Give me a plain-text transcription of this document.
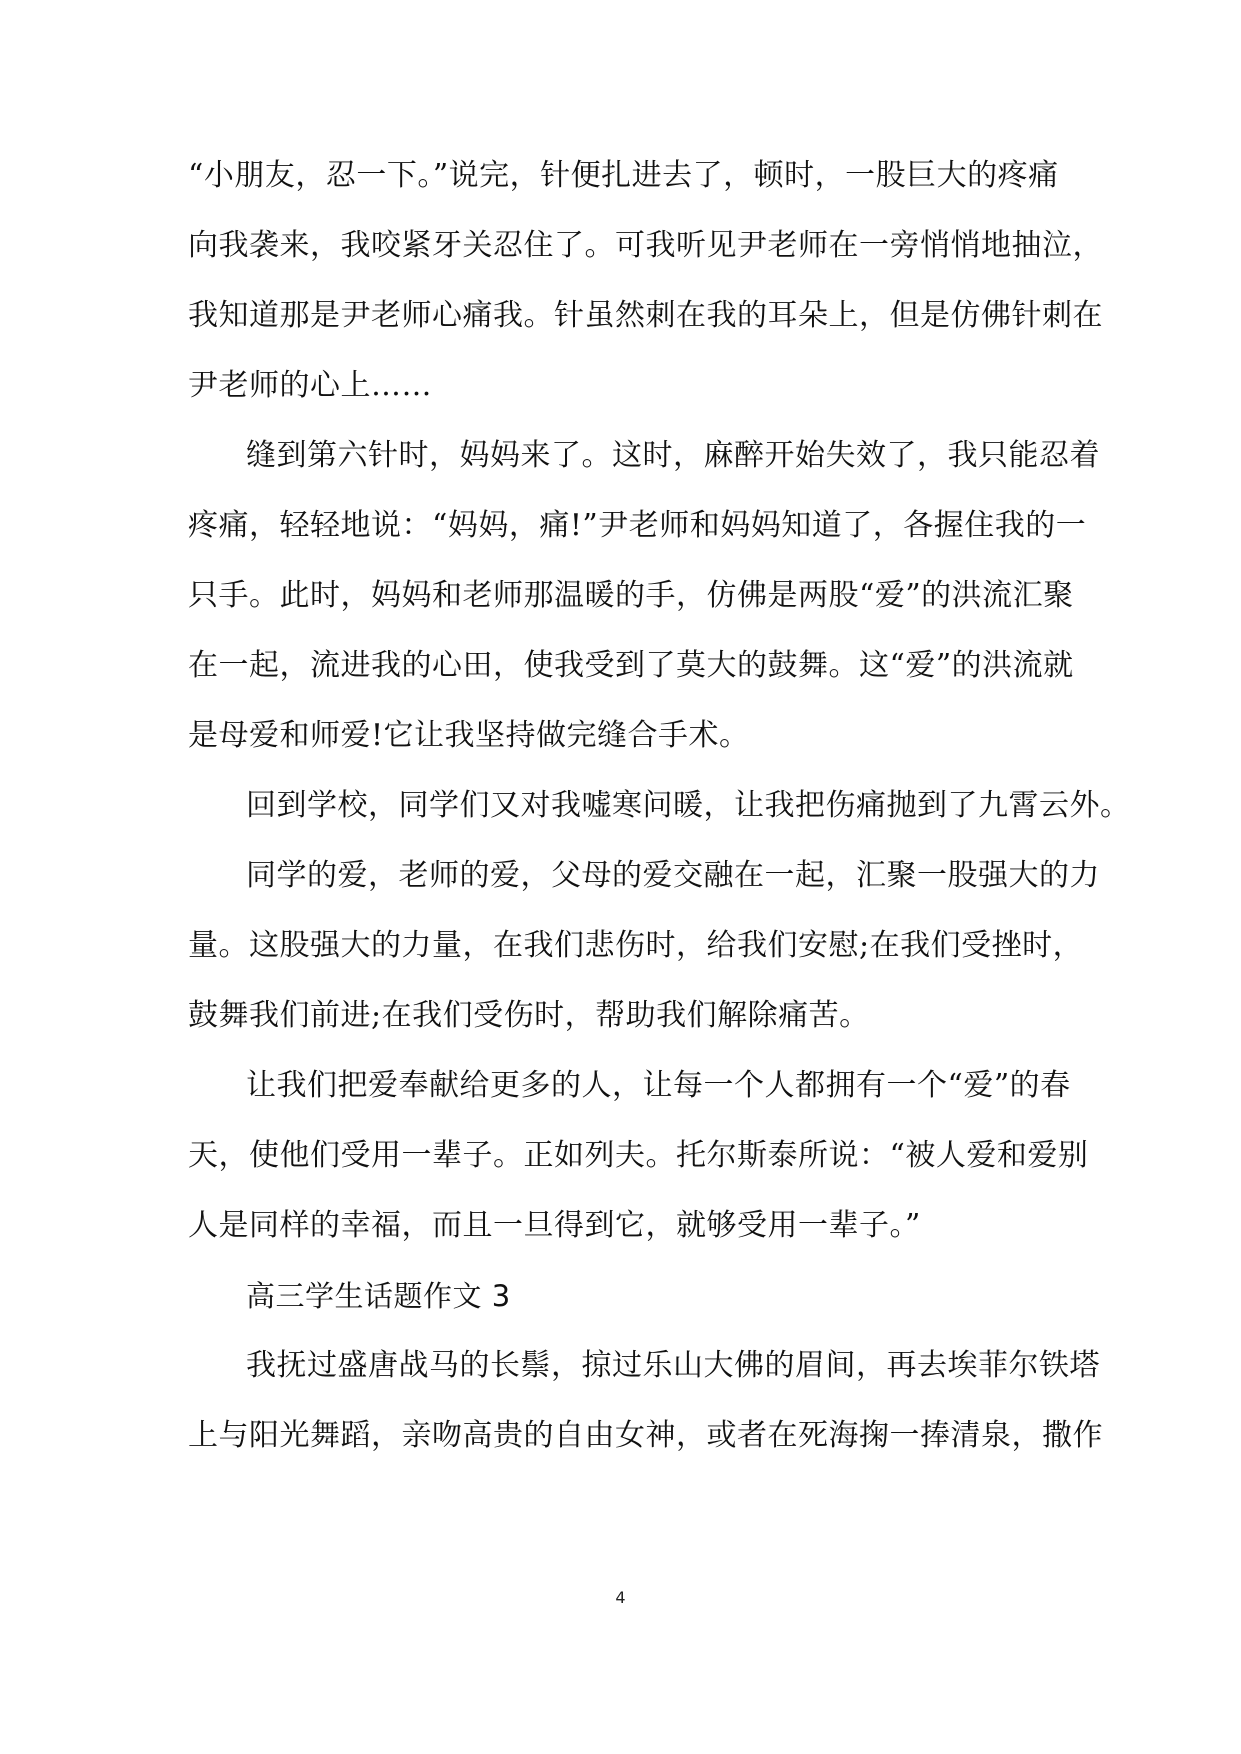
“小朋友，忍一下。”说完，针便扎进去了，顿时，一股巨大的疼痛
向我袭来，我咬紧牙关忍住了。可我听见尹老师在一旁悄悄地抽泣，
我知道那是尹老师心痛我。针虽然刺在我的耳朵上，但是仿佛针刺在
尹老师的心上……
缝到第六针时，妈妈来了。这时，麻醉开始失效了，我只能忍着
疼痛，轻轻地说：“妈妈，痛!”尹老师和妈妈知道了，各握住我的一
只手。此时，妈妈和老师那温暖的手，仿佛是两股“爱”的洪流汇聚
在一起，流进我的心田，使我受到了莫大的鼓舞。这“爱”的洪流就
是母爱和师爱!它让我坚持做完缝合手术。
回到学校，同学们又对我嘘寒问暖，让我把伤痛抛到了九霄云外。
同学的爱，老师的爱，父母的爱交融在一起，汇聚一股强大的力
量。这股强大的力量，在我们悲伤时，给我们安慰;在我们受挫时，
鼓舞我们前进;在我们受伤时，帮助我们解除痛苦。
让我们把爱奉献给更多的人，让每一个人都拥有一个“爱”的春
天，使他们受用一辈子。正如列夫。托尔斯泰所说：“被人爱和爱别
人是同样的幸福，而且一旦得到它，就够受用一辈子。”
高三学生话题作文 3
我抚过盛唐战马的长鬃，掠过乐山大佛的眉间，再去埃菲尔铁塔
上与阳光舞蹈，亲吻高贵的自由女神，或者在死海掬一捧清泉，撒作
4
